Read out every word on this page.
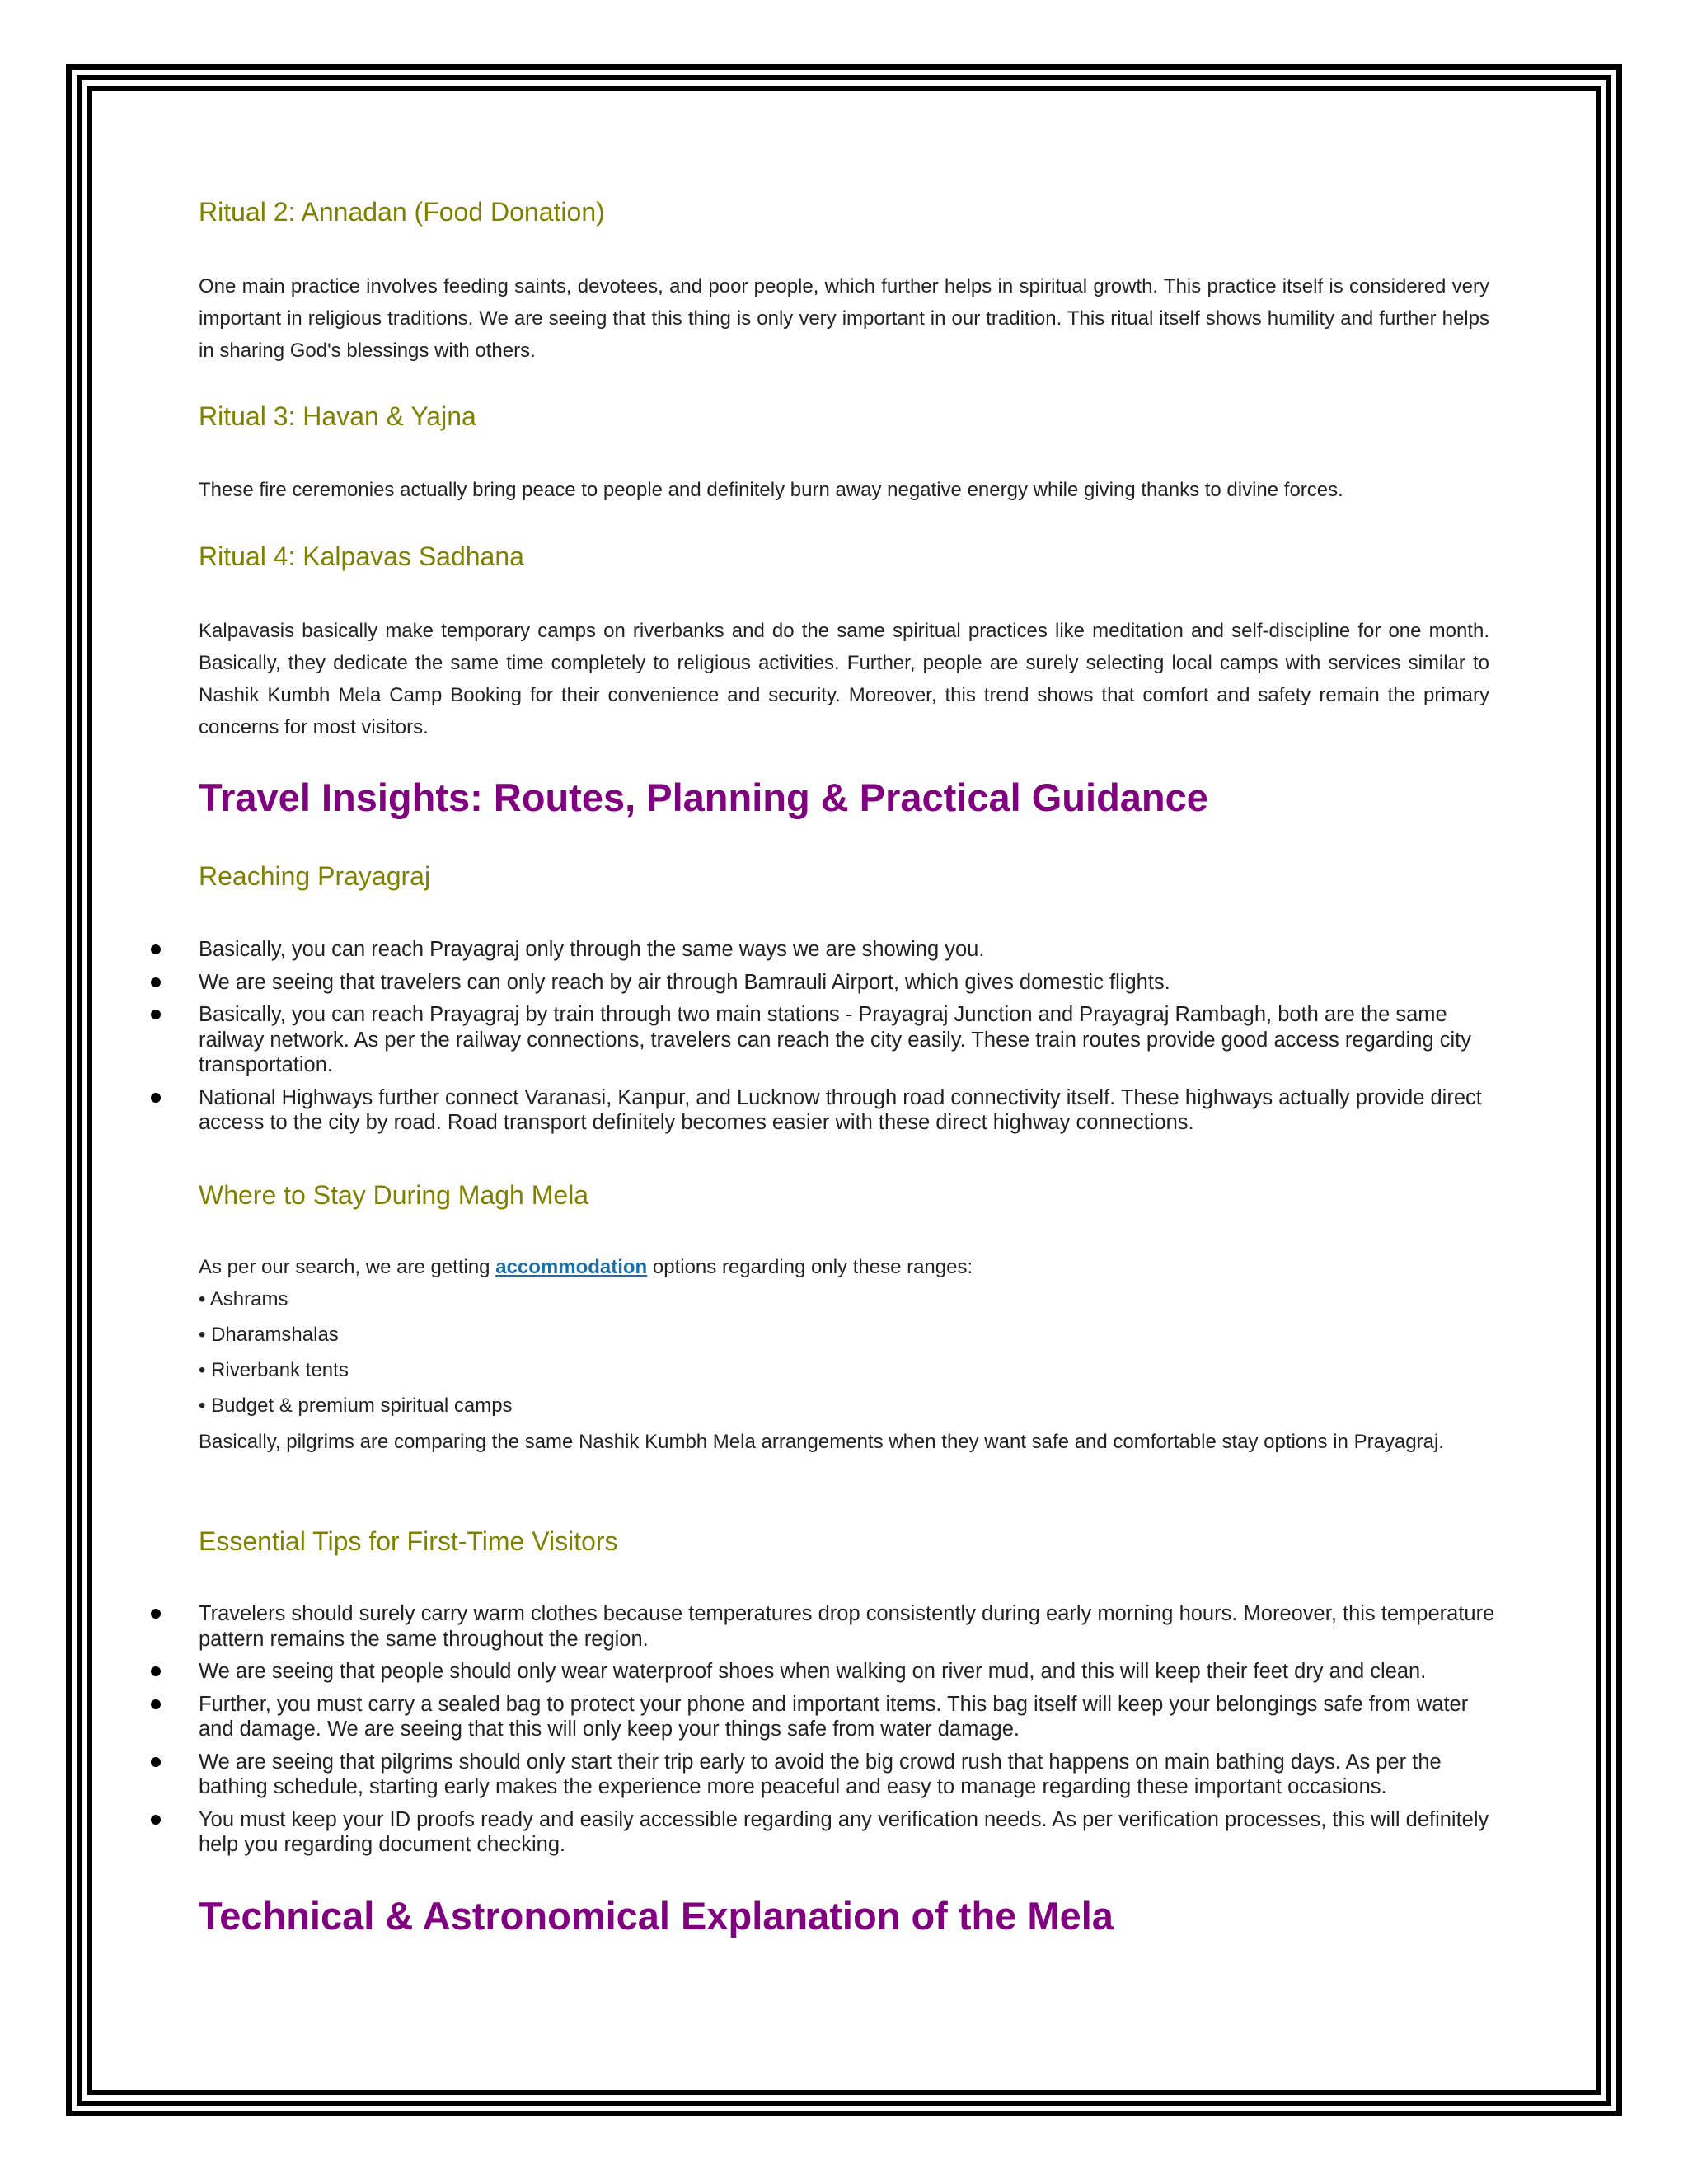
Ritual 2: Annadan (Food Donation)

One main practice involves feeding saints, devotees, and poor people, which further helps in spiritual growth. This practice itself is considered very important in religious traditions. We are seeing that this thing is only very important in our tradition. This ritual itself shows humility and further helps in sharing God's blessings with others.

Ritual 3: Havan & Yajna

These fire ceremonies actually bring peace to people and definitely burn away negative energy while giving thanks to divine forces.

Ritual 4: Kalpavas Sadhana

Kalpavasis basically make temporary camps on riverbanks and do the same spiritual practices like meditation and self-discipline for one month. Basically, they dedicate the same time completely to religious activities. Further, people are surely selecting local camps with services similar to Nashik Kumbh Mela Camp Booking for their convenience and security. Moreover, this trend shows that comfort and safety remain the primary concerns for most visitors.

Travel Insights: Routes, Planning & Practical Guidance
Reaching Prayagraj
Basically, you can reach Prayagraj only through the same ways we are showing you.
We are seeing that travelers can only reach by air through Bamrauli Airport, which gives domestic flights.
Basically, you can reach Prayagraj by train through two main stations - Prayagraj Junction and Prayagraj Rambagh, both are the same railway network. As per the railway connections, travelers can reach the city easily. These train routes provide good access regarding city transportation.
National Highways further connect Varanasi, Kanpur, and Lucknow through road connectivity itself. These highways actually provide direct access to the city by road. Road transport definitely becomes easier with these direct highway connections.
Where to Stay During Magh Mela

As per our search, we are getting accommodation options regarding only these ranges:

• Ashrams

• Dharamshalas

• Riverbank tents

• Budget & premium spiritual camps

Basically, pilgrims are comparing the same Nashik Kumbh Mela arrangements when they want safe and comfortable stay options in Prayagraj.

Essential Tips for First-Time Visitors
Travelers should surely carry warm clothes because temperatures drop consistently during early morning hours. Moreover, this temperature pattern remains the same throughout the region.
We are seeing that people should only wear waterproof shoes when walking on river mud, and this will keep their feet dry and clean.
Further, you must carry a sealed bag to protect your phone and important items. This bag itself will keep your belongings safe from water and damage. We are seeing that this will only keep your things safe from water damage.
We are seeing that pilgrims should only start their trip early to avoid the big crowd rush that happens on main bathing days. As per the bathing schedule, starting early makes the experience more peaceful and easy to manage regarding these important occasions.
You must keep your ID proofs ready and easily accessible regarding any verification needs. As per verification processes, this will definitely help you regarding document checking.
Technical & Astronomical Explanation of the Mela
